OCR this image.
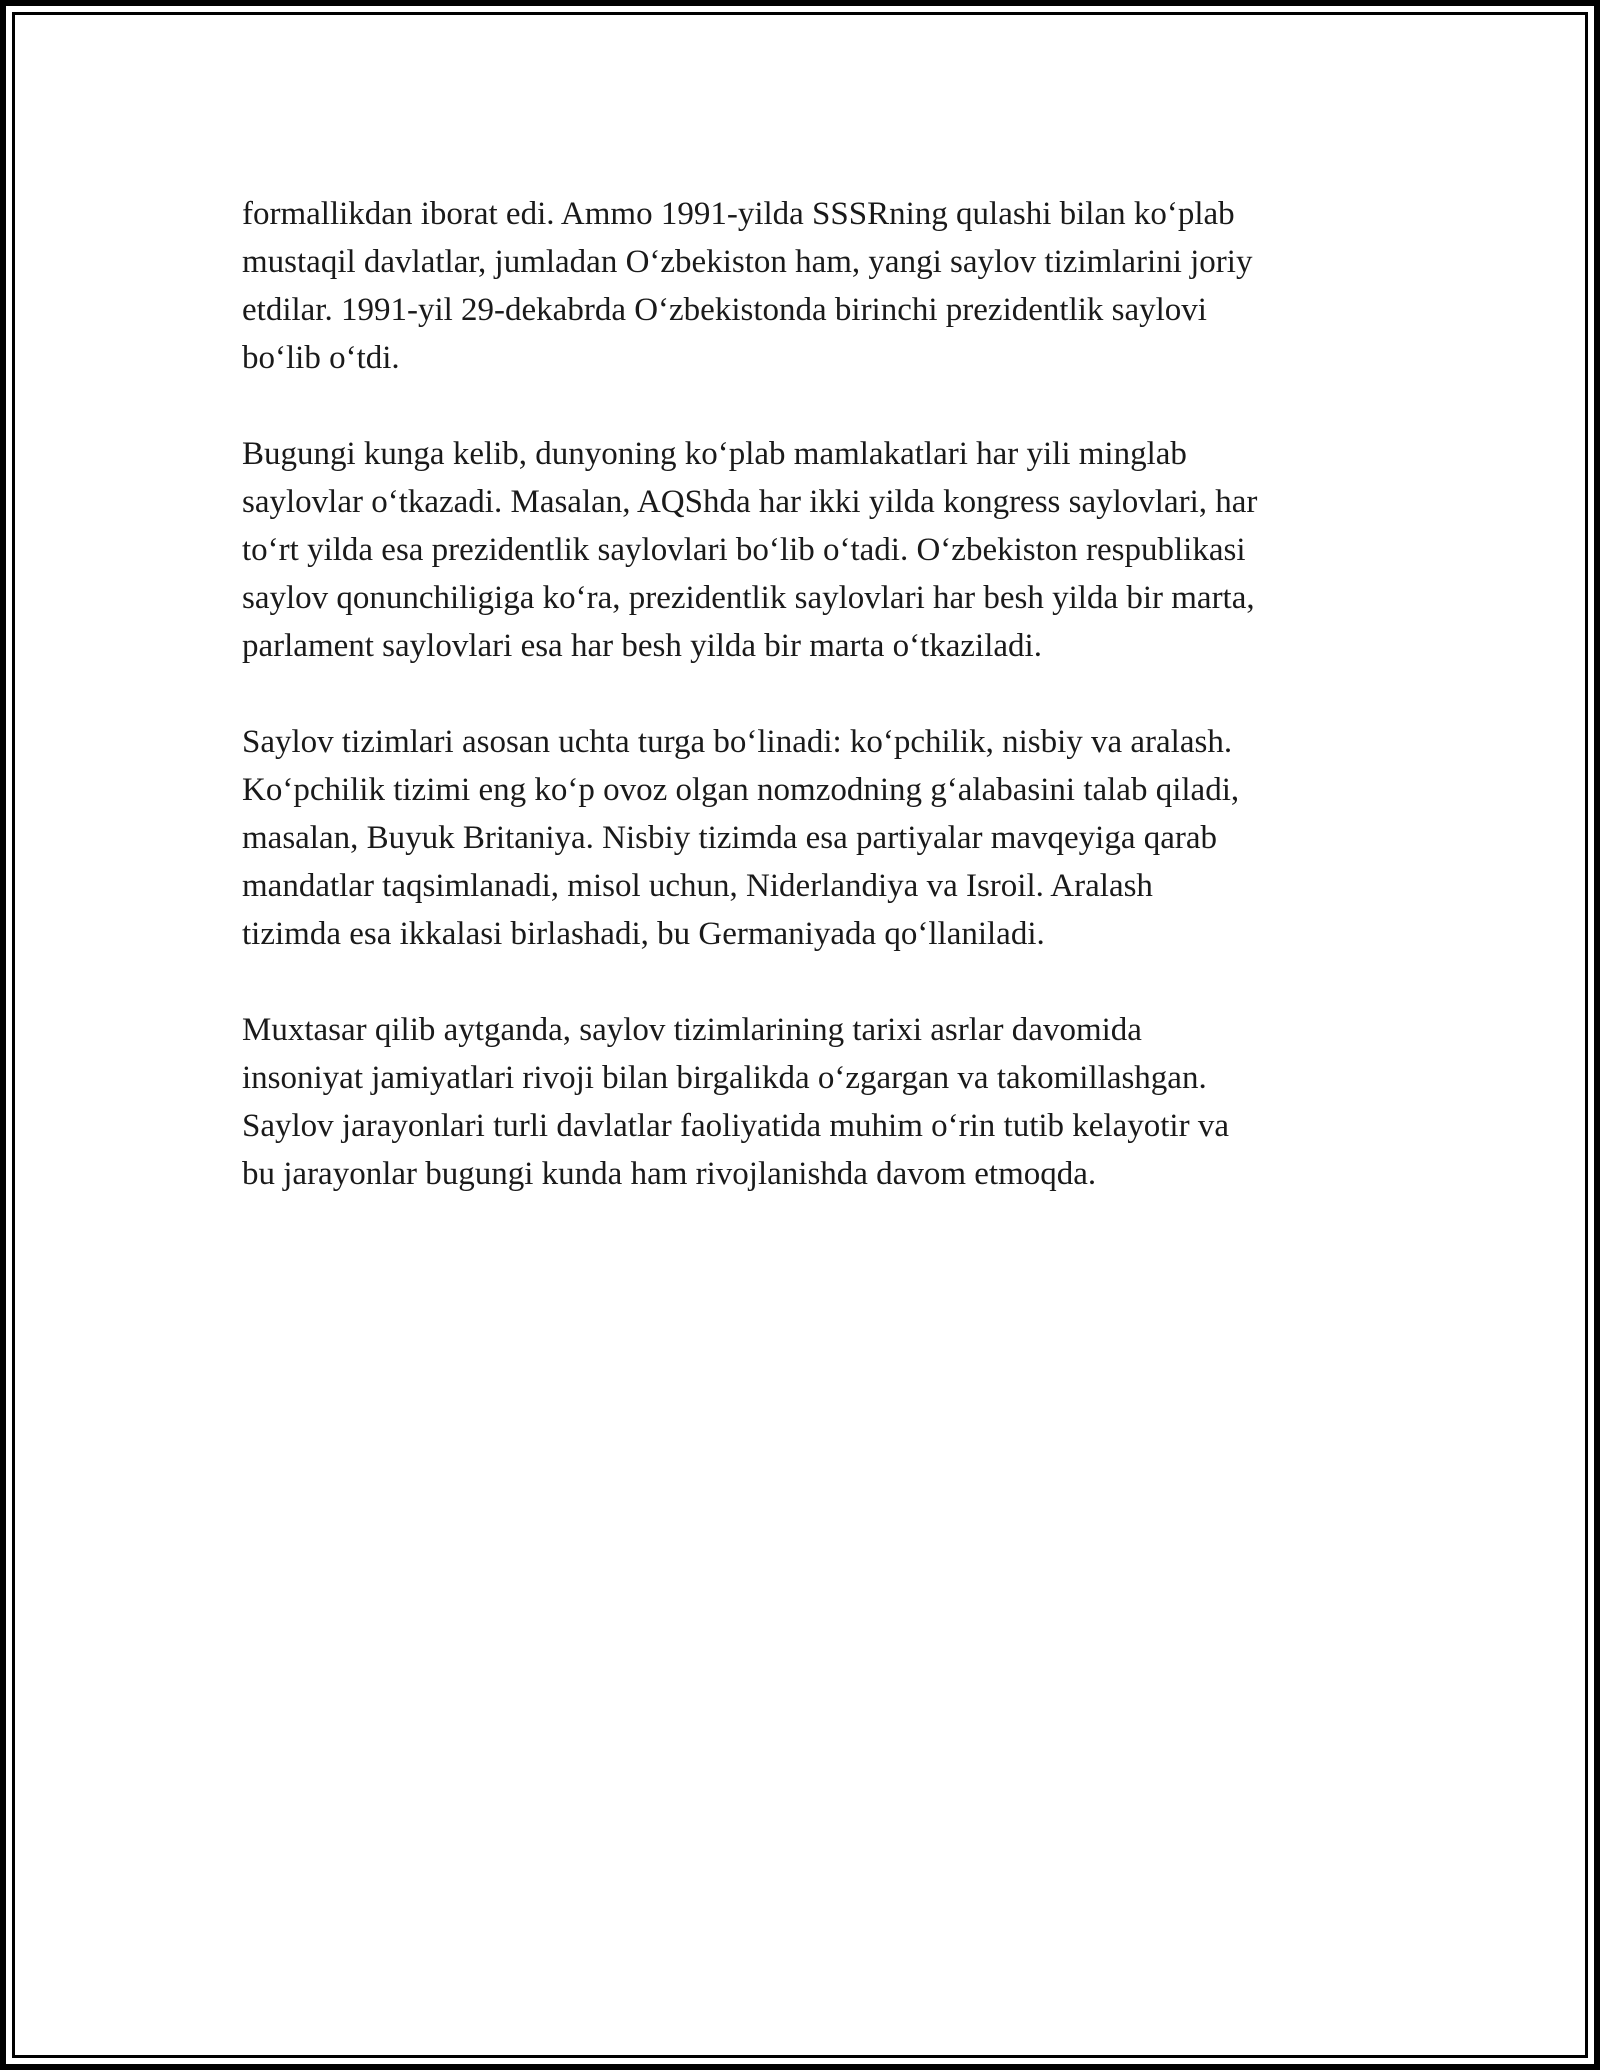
formallikdan iborat edi. Ammo 1991-yilda SSSRning qulashi bilan ko‘plab
mustaqil davlatlar, jumladan O‘zbekiston ham, yangi saylov tizimlarini joriy
etdilar. 1991-yil 29-dekabrda O‘zbekistonda birinchi prezidentlik saylovi
bo‘lib o‘tdi.

Bugungi kunga kelib, dunyoning ko‘plab mamlakatlari har yili minglab
saylovlar o‘tkazadi. Masalan, AQShda har ikki yilda kongress saylovlari, har
to‘rt yilda esa prezidentlik saylovlari bo‘lib o‘tadi. O‘zbekiston respublikasi
saylov qonunchiligiga ko‘ra, prezidentlik saylovlari har besh yilda bir marta,
parlament saylovlari esa har besh yilda bir marta o‘tkaziladi.

Saylov tizimlari asosan uchta turga bo‘linadi: ko‘pchilik, nisbiy va aralash.
Ko‘pchilik tizimi eng ko‘p ovoz olgan nomzodning g‘alabasini talab qiladi,
masalan, Buyuk Britaniya. Nisbiy tizimda esa partiyalar mavqeyiga qarab
mandatlar taqsimlanadi, misol uchun, Niderlandiya va Isroil. Aralash
tizimda esa ikkalasi birlashadi, bu Germaniyada qo‘llaniladi.

Muxtasar qilib aytganda, saylov tizimlarining tarixi asrlar davomida
insoniyat jamiyatlari rivoji bilan birgalikda o‘zgargan va takomillashgan.
Saylov jarayonlari turli davlatlar faoliyatida muhim o‘rin tutib kelayotir va
bu jarayonlar bugungi kunda ham rivojlanishda davom etmoqda.
